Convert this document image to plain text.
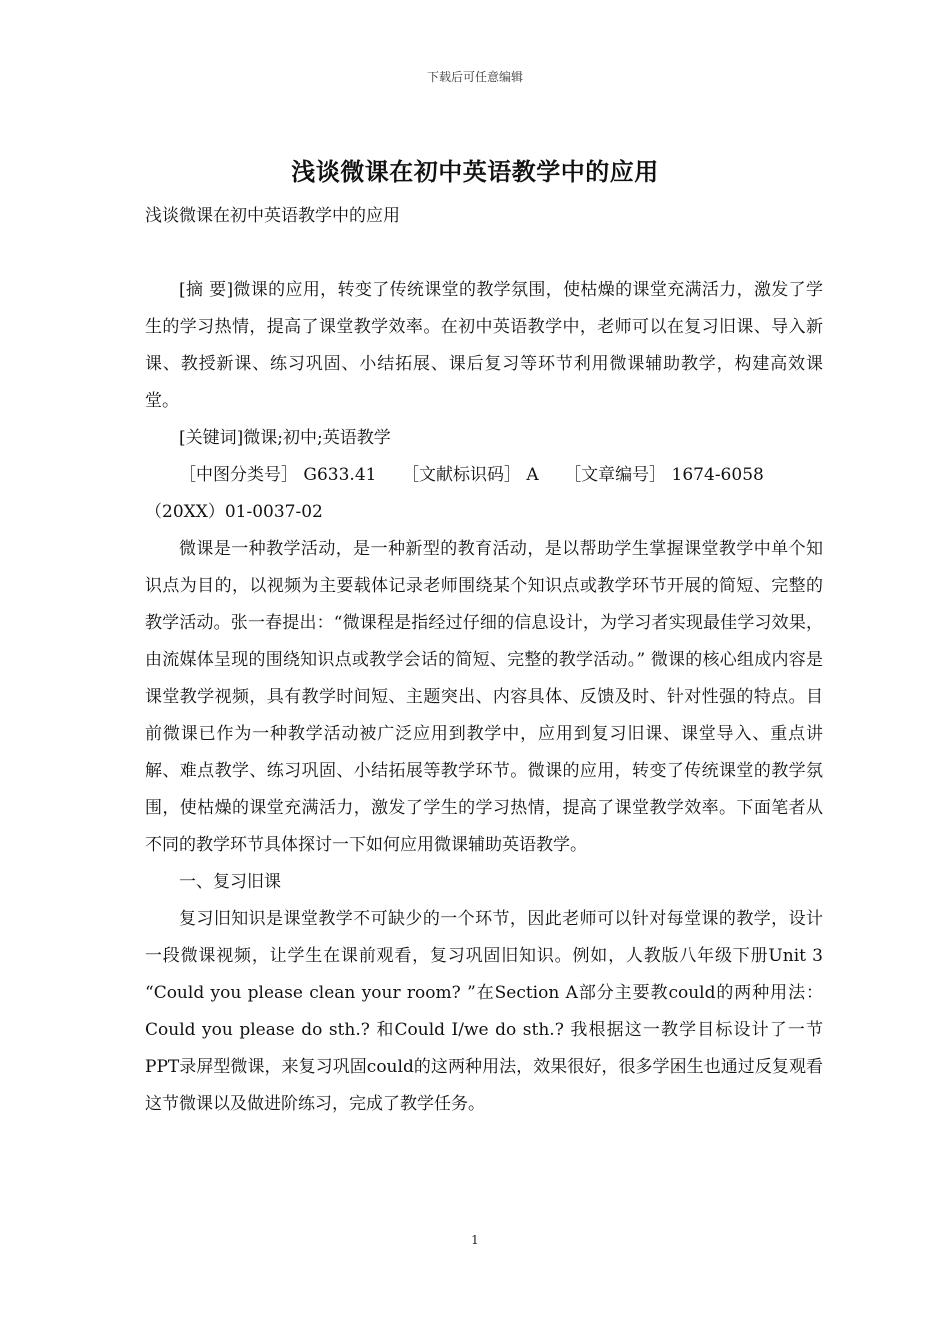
下载后可任意编辑
浅谈微课在初中英语教学中的应用
浅谈微课在初中英语教学中的应用

[摘 要]微课的应用，转变了传统课堂的教学氛围，使枯燥的课堂充满活力，激发了学生的学习热情，提高了课堂教学效率。在初中英语教学中，老师可以在复习旧课、导入新课、教授新课、练习巩固、小结拓展、课后复习等环节利用微课辅助教学，构建高效课堂。

[关键词]微课;初中;英语教学

［中图分类号］ G633.41　　［文献标识码］ A　　［文章编号］ 1674-6058（20XX）01-0037-02

微课是一种教学活动，是一种新型的教育活动，是以帮助学生掌握课堂教学中单个知识点为目的，以视频为主要载体记录老师围绕某个知识点或教学环节开展的简短、完整的教学活动。张一春提出：“微课程是指经过仔细的信息设计，为学习者实现最佳学习效果，由流媒体呈现的围绕知识点或教学会话的简短、完整的教学活动。” 微课的核心组成内容是课堂教学视频，具有教学时间短、主题突出、内容具体、反馈及时、针对性强的特点。目前微课已作为一种教学活动被广泛应用到教学中，应用到复习旧课、课堂导入、重点讲解、难点教学、练习巩固、小结拓展等教学环节。微课的应用，转变了传统课堂的教学氛围，使枯燥的课堂充满活力，激发了学生的学习热情，提高了课堂教学效率。下面笔者从不同的教学环节具体探讨一下如何应用微课辅助英语教学。

一、复习旧课

复习旧知识是课堂教学不可缺少的一个环节，因此老师可以针对每堂课的教学，设计一段微课视频，让学生在课前观看，复习巩固旧知识。例如，人教版八年级下册Unit 3 “Could you please clean your room? ”在Section A部分主要教could的两种用法：Could you please do sth.? 和Could I/we do sth.? 我根据这一教学目标设计了一节PPT录屏型微课，来复习巩固could的这两种用法，效果很好，很多学困生也通过反复观看这节微课以及做进阶练习，完成了教学任务。

1
